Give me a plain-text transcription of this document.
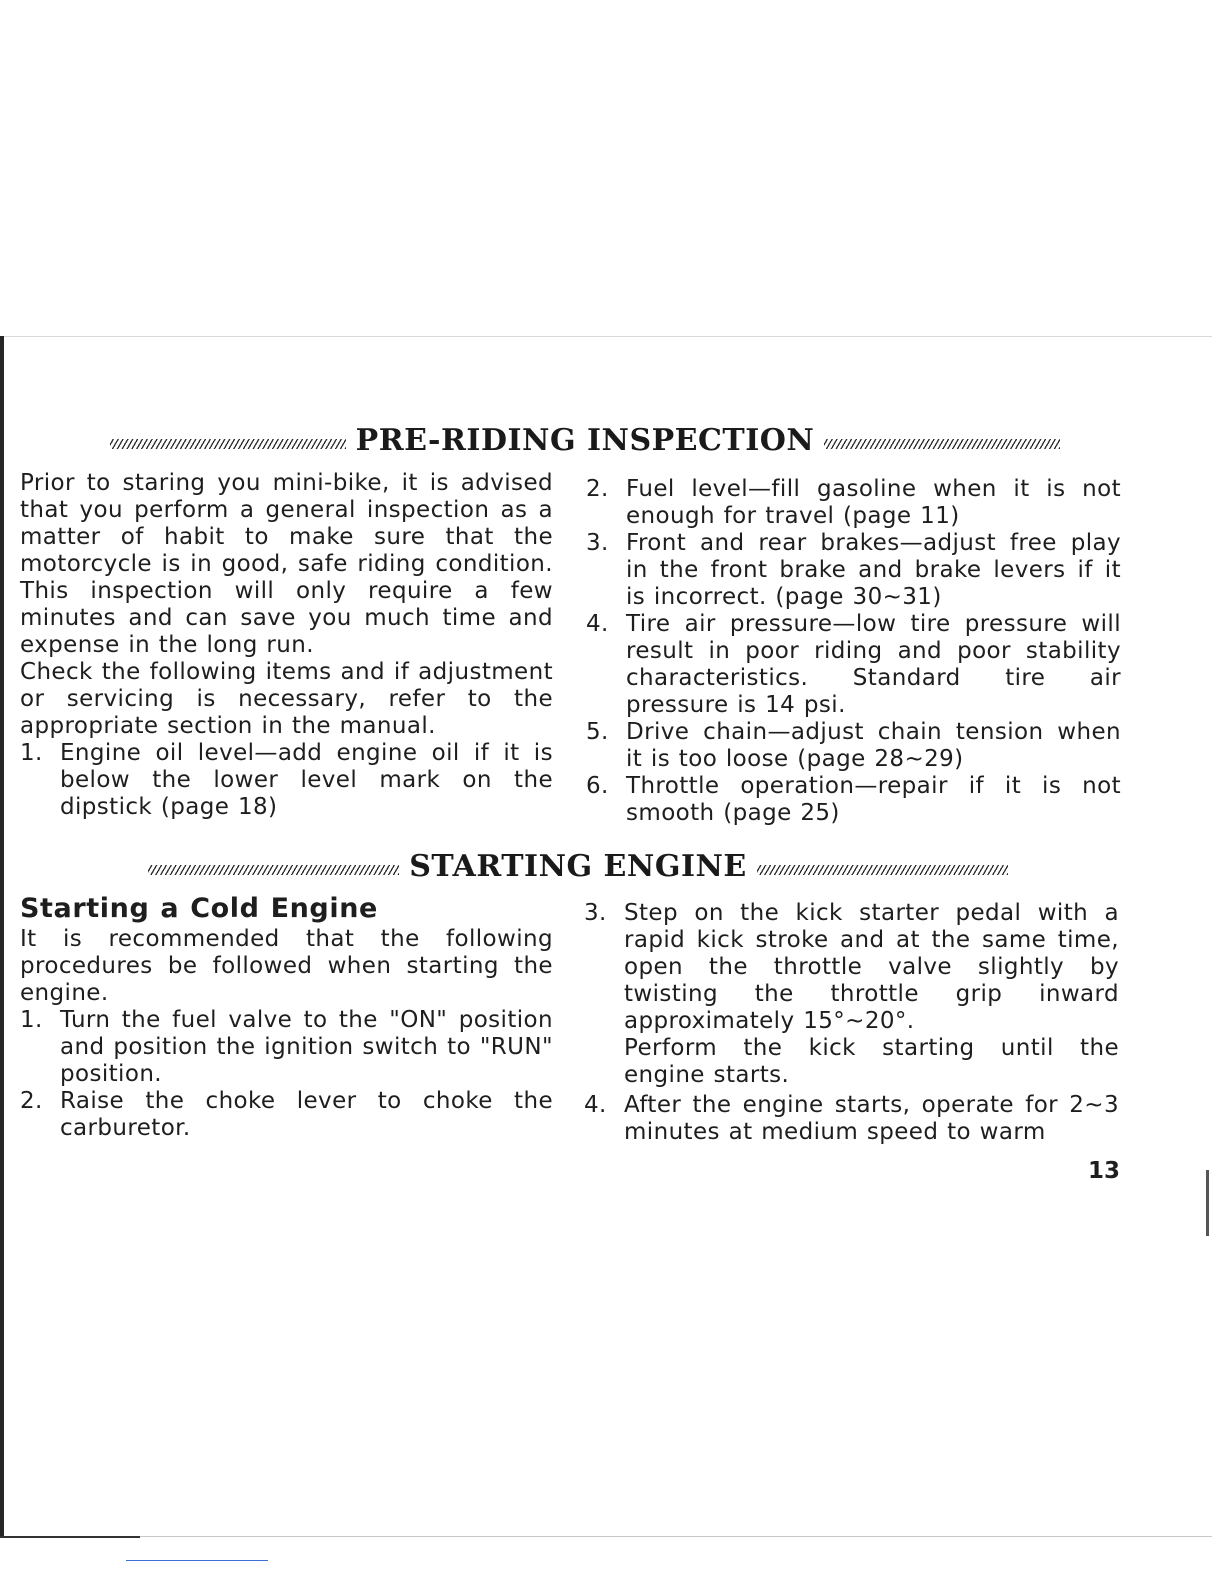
PRE-RIDING INSPECTION

Prior to staring you mini-bike, it is advised that you perform a general inspection as a matter of habit to make sure that the motorcycle is in good, safe riding condition. This inspection will only require a few minutes and can save you much time and expense in the long run.

Check the following items and if adjustment or servicing is necessary, refer to the appropriate section in the manual.

1. Engine oil level—add engine oil if it is below the lower level mark on the dipstick (page 18)
2. Fuel level—fill gasoline when it is not enough for travel (page 11)
3. Front and rear brakes—adjust free play in the front brake and brake levers if it is incorrect. (page 30∼31)
4. Tire air pressure—low tire pressure will result in poor riding and poor stability characteristics. Standard tire air pressure is 14 psi.
5. Drive chain—adjust chain tension when it is too loose (page 28∼29)
6. Throttle operation—repair if it is not smooth (page 25)
STARTING ENGINE
Starting a Cold Engine

It is recommended that the following procedures be followed when starting the engine.

1. Turn the fuel valve to the "ON" position and position the ignition switch to "RUN" position.
2. Raise the choke lever to choke the carburetor.
3. Step on the kick starter pedal with a rapid kick stroke and at the same time, open the throttle valve slightly by twisting the throttle grip inward approximately 15°∼20°.
Perform the kick starting until the engine starts.
4. After the engine starts, operate for 2∼3 minutes at medium speed to warm
13
